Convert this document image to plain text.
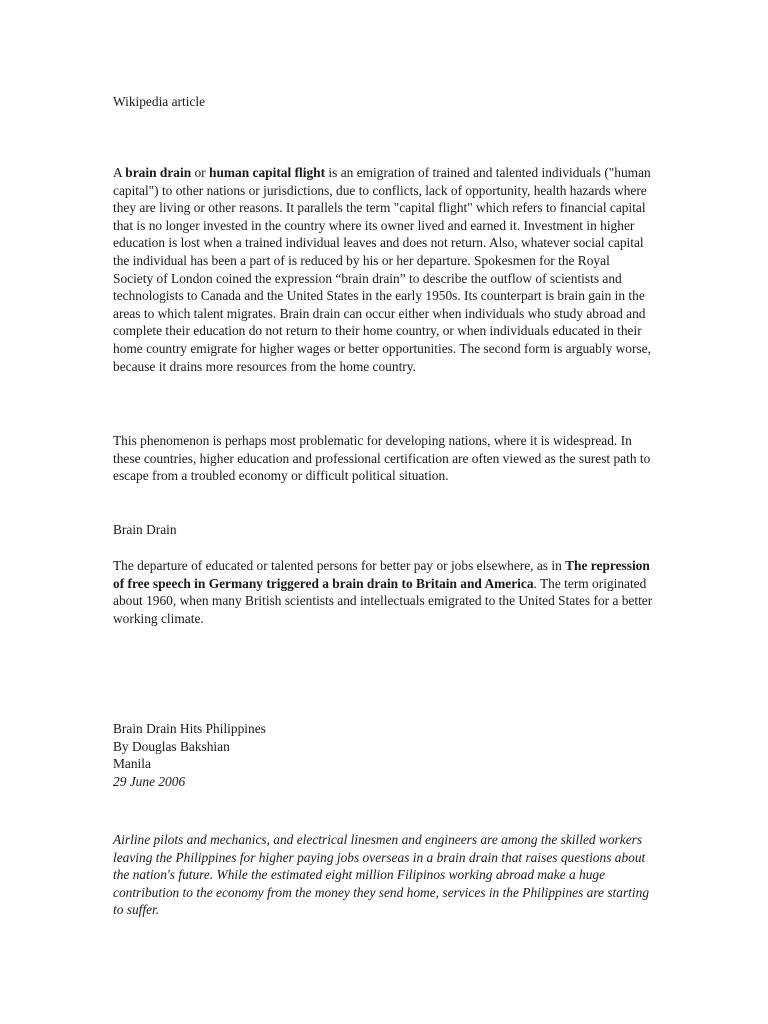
Wikipedia article

A brain drain or human capital flight is an emigration of trained and talented individuals ("human capital") to other nations or jurisdictions, due to conflicts, lack of opportunity, health hazards where they are living or other reasons. It parallels the term "capital flight" which refers to financial capital that is no longer invested in the country where its owner lived and earned it. Investment in higher education is lost when a trained individual leaves and does not return. Also, whatever social capital the individual has been a part of is reduced by his or her departure. Spokesmen for the Royal Society of London coined the expression “brain drain” to describe the outflow of scientists and technologists to Canada and the United States in the early 1950s. Its counterpart is brain gain in the areas to which talent migrates. Brain drain can occur either when individuals who study abroad and complete their education do not return to their home country, or when individuals educated in their home country emigrate for higher wages or better opportunities. The second form is arguably worse, because it drains more resources from the home country.

This phenomenon is perhaps most problematic for developing nations, where it is widespread. In these countries, higher education and professional certification are often viewed as the surest path to escape from a troubled economy or difficult political situation.

Brain Drain

The departure of educated or talented persons for better pay or jobs elsewhere, as in The repression of free speech in Germany triggered a brain drain to Britain and America. The term originated about 1960, when many British scientists and intellectuals emigrated to the United States for a better working climate.

Brain Drain Hits Philippines
By Douglas Bakshian
Manila
29 June 2006

Airline pilots and mechanics, and electrical linesmen and engineers are among the skilled workers leaving the Philippines for higher paying jobs overseas in a brain drain that raises questions about the nation's future. While the estimated eight million Filipinos working abroad make a huge contribution to the economy from the money they send home, services in the Philippines are starting to suffer.
